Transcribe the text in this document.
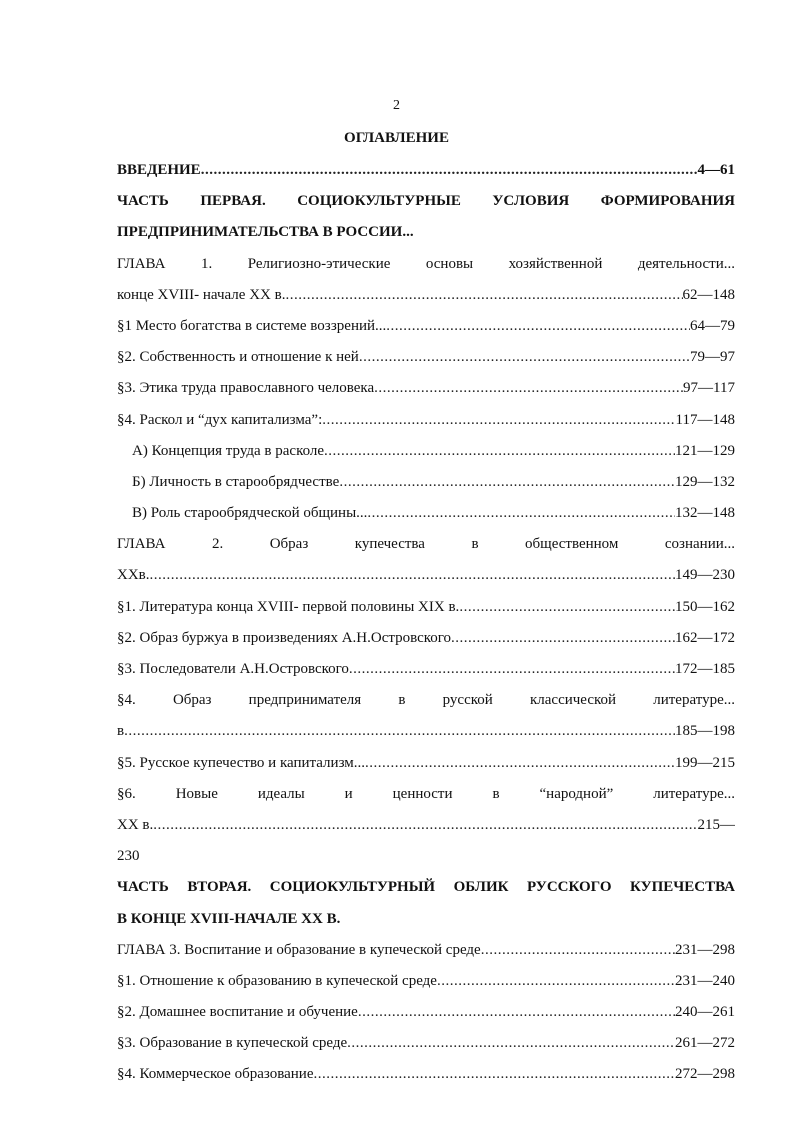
2
ОГЛАВЛЕНИЕ
ВВЕДЕНИЕ .....	4—61
ЧАСТЬ ПЕРВАЯ. СОЦИОКУЛЬТУРНЫЕ УСЛОВИЯ ФОРМИРОВАНИЯ
ПРЕДПРИНИМАТЕЛЬСТВА В РОССИИ...
ГЛАВА 1. Религиозно-этические основы хозяйственной деятельности...
конце XVIII- начале XX в. .....	62—148
§1 Место богатства в системе воззрений... .....	64—79
§2. Собственность и отношение к ней .....	79—97
§3. Этика труда православного человека .....	97—117
§4. Раскол и “дух капитализма”: .....	117—148
А) Концепция труда в расколе .....	121—129
Б) Личность в старообрядчестве .....	129—132
В) Роль старообрядческой общины... .....	132—148
ГЛАВА 2. Образ купечества в общественном сознании...
XXв. .....	149—230
§1. Литература конца XVIII- первой половины XIX в. .....	150—162
§2. Образ буржуа в произведениях А.Н.Островского .....	162—172
§3. Последователи А.Н.Островского .....	172—185
§4. Образ предпринимателя в русской классической литературе...
в .....	185—198
§5. Русское купечество и капитализм... .....	199—215
§6. Новые идеалы и ценности в “народной” литературе...
XX в. .....	215—
230
ЧАСТЬ ВТОРАЯ. СОЦИОКУЛЬТУРНЫЙ ОБЛИК РУССКОГО КУПЕЧЕСТВА
В КОНЦЕ XVIII-НАЧАЛЕ XX В.
ГЛАВА 3. Воспитание и образование в купеческой среде .....	231—298
§1. Отношение к образованию в купеческой среде .....	231—240
§2. Домашнее воспитание и обучение .....	240—261
§3. Образование в купеческой среде .....	261—272
§4. Коммерческое образование .....	272—298
